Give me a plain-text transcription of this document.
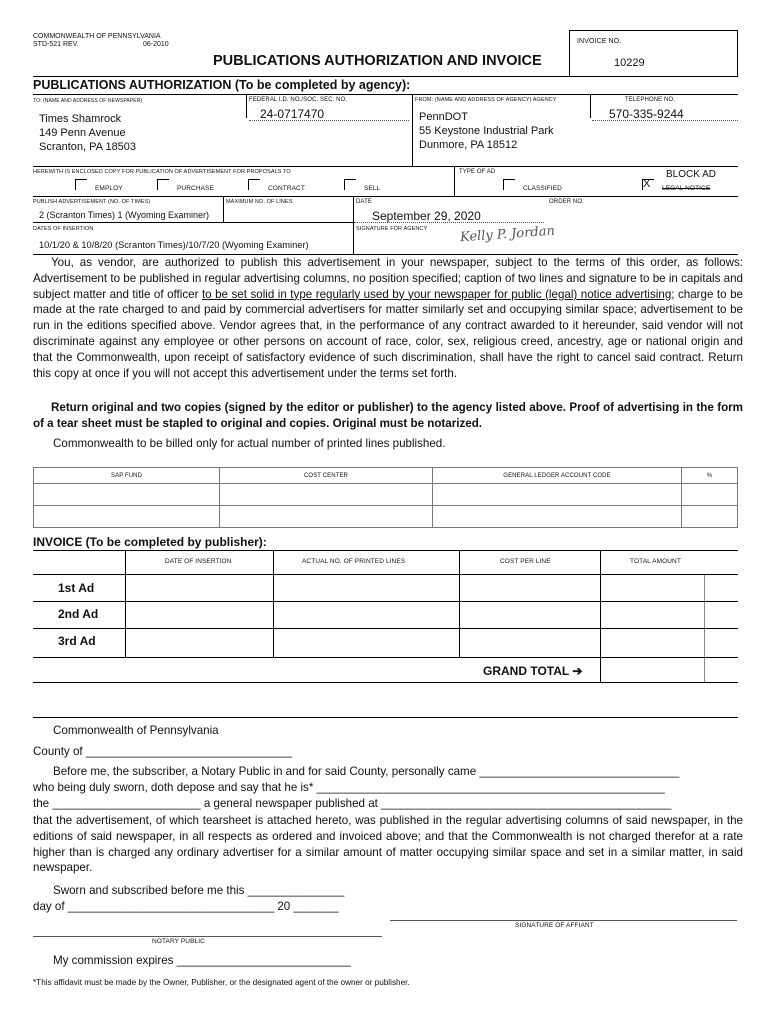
COMMONWEALTH OF PENNSYLVANIA
STD-521 REV.	06-2010
PUBLICATIONS AUTHORIZATION AND INVOICE
INVOICE NO.
10229
PUBLICATIONS AUTHORIZATION (To be completed by agency):
TO: (NAME AND ADDRESS OF NEWSPAPER)
Times Shamrock
149 Penn Avenue
Scranton, PA 18503
FEDERAL I.D. NO./SOC. SEC. NO.
24-0717470
FROM: (NAME AND ADDRESS OF AGENCY) AGENCY
PennDOT
55 Keystone Industrial Park
Dunmore, PA 18512
TELEPHONE NO.
570-335-9244
HEREWITH IS ENCLOSED COPY FOR PUBLICATION OF ADVERTISEMENT FOR PROPOSALS TO
EMPLOY	PURCHASE	CONTRACT	SELL
TYPE OF AD
CLASSIFIED
BLOCK AD
X LEGAL NOTICE
PUBLISH ADVERTISEMENT (NO. OF TIMES)
2 (Scranton Times) 1 (Wyoming Examiner)
MAXIMUM NO. OF LINES	DATE
September 29, 2020
ORDER NO.
DATES OF INSERTION
10/1/20 & 10/8/20 (Scranton Times)/10/7/20 (Wyoming Examiner)
SIGNATURE FOR AGENCY Kelly P. Jordan
You, as vendor, are authorized to publish this advertisement in your newspaper, subject to the terms of this order, as follows: Advertisement to be published in regular advertising columns, no position specified; caption of two lines and signature to be in capitals and subject matter and title of officer to be set solid in type regularly used by your newspaper for public (legal) notice advertising; charge to be made at the rate charged to and paid by commercial advertisers for matter similarly set and occupying similar space; advertisement to be run in the editions specified above. Vendor agrees that, in the performance of any contract awarded to it hereunder, said vendor will not discriminate against any employee or other persons on account of race, color, sex, religious creed, ancestry, age or national origin and that the Commonwealth, upon receipt of satisfactory evidence of such discrimination, shall have the right to cancel said contract. Return this copy at once if you will not accept this advertisement under the terms set forth.
Return original and two copies (signed by the editor or publisher) to the agency listed above. Proof of advertising in the form of a tear sheet must be stapled to original and copies. Original must be notarized.
Commonwealth to be billed only for actual number of printed lines published.
SAP FUND	COST CENTER	GENERAL LEDGER ACCOUNT CODE	%

INVOICE (To be completed by publisher):
DATE OF INSERTION	ACTUAL NO. OF PRINTED LINES	COST PER LINE	TOTAL AMOUNT
1st Ad
2nd Ad
3rd Ad
GRAND TOTAL ➔
Commonwealth of Pennsylvania
County of ________________________________
Before me, the subscriber, a Notary Public in and for said County, personally came _______________________________
who being duly sworn, doth depose and say that he is* ______________________________________________________
the _______________________ a general newspaper published at _____________________________________________
that the advertisement, of which tearsheet is attached hereto, was published in the regular advertising columns of said newspaper, in the editions of said newspaper, in all respects as ordered and invoiced above; and that the Commonwealth is not charged therefor at a rate higher than is charged any ordinary advertiser for a similar amount of matter occupying similar space and set in a similar matter, in said newspaper.
Sworn and subscribed before me this _______________
day of ________________________________ 20 _______
SIGNATURE OF AFFIANT
NOTARY PUBLIC
My commission expires ___________________________
*This affidavit must be made by the Owner, Publisher, or the designated agent of the owner or publisher.
